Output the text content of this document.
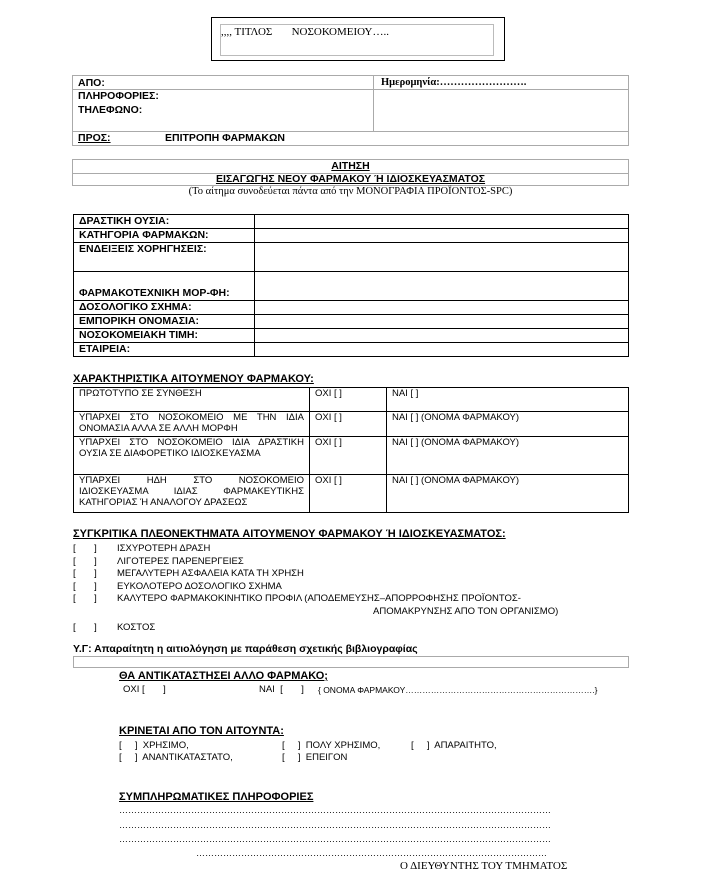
,,,, ΤΙΤΛΟΣ       ΝΟΣΟΚΟΜΕΙΟΥ…..
ΑΠΟ:
ΠΛΗΡΟΦΟΡΙΕΣ:
ΤΗΛΕΦΩΝΟ:
Ημερομηνία:…………………….
ΠΡΟΣ:	ΕΠΙΤΡΟΠΗ ΦΑΡΜΑΚΩΝ
ΑΙΤΗΣΗ
ΕΙΣΑΓΩΓΗΣ ΝΕΟΥ ΦΑΡΜΑΚΟΥ Ή ΙΔΙΟΣΚΕΥΑΣΜΑΤΟΣ
(Το αίτημα συνοδεύεται πάντα από την ΜΟΝΟΓΡΑΦΙΑ ΠΡΟΪΟΝΤΟΣ-SPC)
ΔΡΑΣΤΙΚΗ ΟΥΣΙΑ:	
ΚΑΤΗΓΟΡΙΑ ΦΑΡΜΑΚΩΝ:	
ΕΝΔΕΙΞΕΙΣ ΧΟΡΗΓΗΣΕΙΣ:	
ΦΑΡΜΑΚΟΤΕΧΝΙΚΗ ΜΟΡ-ΦΗ:	
ΔΟΣΟΛΟΓΙΚΟ ΣΧΗΜΑ:	
ΕΜΠΟΡΙΚΗ ΟΝΟΜΑΣΙΑ:	
ΝΟΣΟΚΟΜΕΙΑΚΗ ΤΙΜΗ:	
ΕΤΑΙΡΕΙΑ:	
ΧΑΡΑΚΤΗΡΙΣΤΙΚΑ ΑΙΤΟΥΜΕΝΟΥ ΦΑΡΜΑΚΟΥ:
ΠΡΩΤΟΤΥΠΟ ΣΕ ΣΥΝΘΕΣΗ	ΟΧΙ [ ]	ΝΑΙ [ ]
ΥΠΑΡΧΕΙ ΣΤΟ ΝΟΣΟΚΟΜΕΙΟ ΜΕ ΤΗΝ ΙΔΙΑ ΟΝΟΜΑΣΙΑ ΑΛΛΑ ΣΕ ΑΛΛΗ ΜΟΡΦΗ	ΟΧΙ [ ]	ΝΑΙ [ ] (ΟΝΟΜΑ ΦΑΡΜΑΚΟΥ)
ΥΠΑΡΧΕΙ ΣΤΟ ΝΟΣΟΚΟΜΕΙΟ ΙΔΙΑ ΔΡΑΣΤΙΚΗ ΟΥΣΙΑ ΣΕ ΔΙΑΦΟΡΕΤΙΚΟ ΙΔΙΟΣΚΕΥΑΣΜΑ	ΟΧΙ [ ]	ΝΑΙ [ ] (ΟΝΟΜΑ ΦΑΡΜΑΚΟΥ)
ΥΠΑΡΧΕΙ ΗΔΗ ΣΤΟ ΝΟΣΟΚΟΜΕΙΟ ΙΔΙΟΣΚΕΥΑΣΜΑ ΙΔΙΑΣ ΦΑΡΜΑΚΕΥΤΙΚΗΣ ΚΑΤΗΓΟΡΙΑΣ Ή ΑΝΑΛΟΓΟΥ ΔΡΑΣΕΩΣ	ΟΧΙ [ ]	ΝΑΙ [ ] (ΟΝΟΜΑ ΦΑΡΜΑΚΟΥ)
ΣΥΓΚΡΙΤΙΚΑ ΠΛΕΟΝΕΚΤΗΜΑΤΑ ΑΙΤΟΥΜΕΝΟΥ ΦΑΡΜΑΚΟΥ Ή ΙΔΙΟΣΚΕΥΑΣΜΑΤΟΣ:
[       ] ΙΣΧΥΡΟΤΕΡΗ ΔΡΑΣΗ
[       ] ΛΙΓΟΤΕΡΕΣ ΠΑΡΕΝΕΡΓΕΙΕΣ
[       ] ΜΕΓΑΛΥΤΕΡΗ ΑΣΦΑΛΕΙΑ ΚΑΤΑ ΤΗ ΧΡΗΣΗ
[       ] ΕΥΚΟΛΟΤΕΡΟ ΔΟΣΟΛΟΓΙΚΟ ΣΧΗΜΑ
[       ] ΚΑΛΥΤΕΡΟ ΦΑΡΜΑΚΟΚΙΝΗΤΙΚΟ ΠΡΟΦΙΛ (ΑΠΟΔΕΜΕΥΣΗΣ–ΑΠΟΡΡΟΦΗΣΗΣ ΠΡΟΪΟΝΤΟΣ-
ΑΠΟΜΑΚΡΥΝΣΗΣ ΑΠΟ ΤΟΝ ΟΡΓΑΝΙΣΜΟ)
[       ] ΚΟΣΤΟΣ
Υ.Γ: Απαραίτητη η αιτιολόγηση με παράθεση σχετικής βιβλιογραφίας
ΘΑ ΑΝΤΙΚΑΤΑΣΤΗΣΕΙ ΑΛΛΟ ΦΑΡΜΑΚΟ;
ΟΧΙ [       ]	ΝΑΙ  [       ] { ΟΝΟΜΑ ΦΑΡΜΑΚΟΥ………………………………………………………….}
ΚΡΙΝΕΤΑΙ ΑΠΟ ΤΟΝ ΑΙΤΟΥΝΤΑ:
[     ]  ΧΡΗΣΙΜΟ,	[     ]  ΠΟΛΥ ΧΡΗΣΙΜΟ,	[     ]  ΑΠΑΡΑΙΤΗΤΟ,
[     ]  ΑΝΑΝΤΙΚΑΤΑΣΤΑΤΟ,	[     ]  ΕΠΕΙΓΟΝ
ΣΥΜΠΛΗΡΩΜΑΤΙΚΕΣ ΠΛΗΡΟΦΟΡΙΕΣ
………………………………………………………………………………………………………………………………
………………………………………………………………………………………………………………………………
………………………………………………………………………………………………………………………………
………………………………………………………………………………………………………
Ο ΔΙΕΥΘΥΝΤΗΣ ΤΟΥ ΤΜΗΜΑΤΟΣ
